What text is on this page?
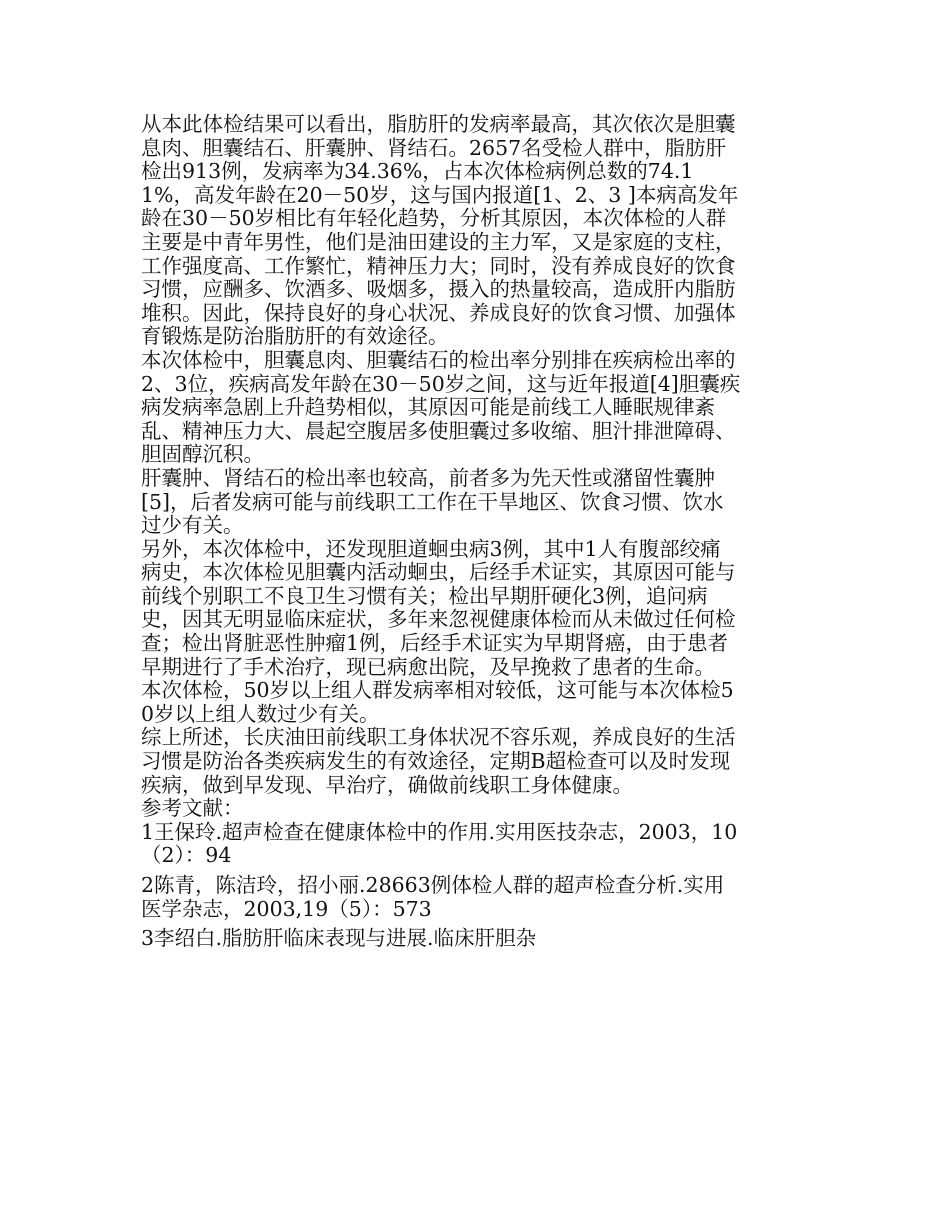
从本此体检结果可以看出，脂肪肝的发病率最高，其次依次是胆囊息肉、胆囊结石、肝囊肿、肾结石。2657名受检人群中，脂肪肝检出913例，发病率为34.36%，占本次体检病例总数的74.11%，高发年龄在20－50岁，这与国内报道[1、2、3 ]本病高发年龄在30－50岁相比有年轻化趋势，分析其原因，本次体检的人群主要是中青年男性，他们是油田建设的主力军，又是家庭的支柱，工作强度高、工作繁忙，精神压力大；同时，没有养成良好的饮食习惯，应酬多、饮酒多、吸烟多，摄入的热量较高，造成肝内脂肪堆积。因此，保持良好的身心状况、养成良好的饮食习惯、加强体育锻炼是防治脂肪肝的有效途径。

本次体检中，胆囊息肉、胆囊结石的检出率分别排在疾病检出率的2、3位，疾病高发年龄在30－50岁之间，这与近年报道[4]胆囊疾病发病率急剧上升趋势相似，其原因可能是前线工人睡眠规律紊乱、精神压力大、晨起空腹居多使胆囊过多收缩、胆汁排泄障碍、胆固醇沉积。

肝囊肿、肾结石的检出率也较高，前者多为先天性或潴留性囊肿[5]，后者发病可能与前线职工工作在干旱地区、饮食习惯、饮水过少有关。

另外，本次体检中，还发现胆道蛔虫病3例，其中1人有腹部绞痛病史，本次体检见胆囊内活动蛔虫，后经手术证实，其原因可能与前线个别职工不良卫生习惯有关；检出早期肝硬化3例，追问病史，因其无明显临床症状，多年来忽视健康体检而从未做过任何检查；检出肾脏恶性肿瘤1例，后经手术证实为早期肾癌，由于患者早期进行了手术治疗，现已病愈出院，及早挽救了患者的生命。

本次体检，50岁以上组人群发病率相对较低，这可能与本次体检50岁以上组人数过少有关。

综上所述，长庆油田前线职工身体状况不容乐观，养成良好的生活习惯是防治各类疾病发生的有效途径，定期B超检查可以及时发现疾病，做到早发现、早治疗，确做前线职工身体健康。

参考文献：

1王保玲.超声检查在健康体检中的作用.实用医技杂志，2003，10（2）：94

2陈青，陈洁玲，招小丽.28663例体检人群的超声检查分析.实用医学杂志，2003,19（5）：573

3李绍白.脂肪肝临床表现与进展.临床肝胆杂
